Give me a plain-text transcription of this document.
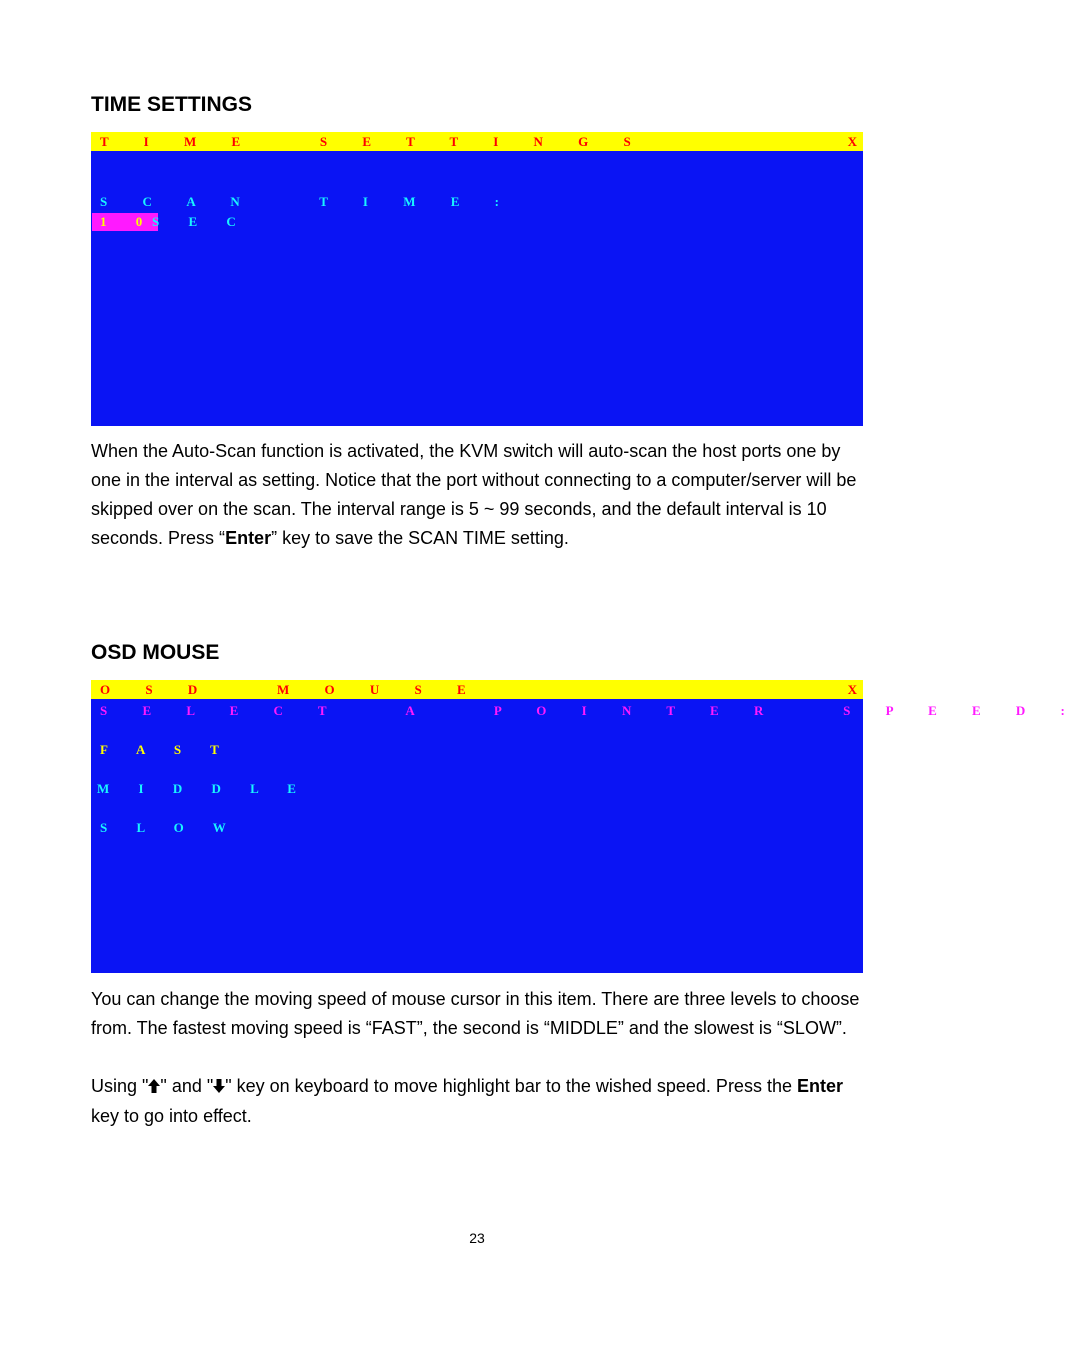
TIME SETTINGS
T I M E   S E T T I N G S	X
S C A N   T I M E :
1 0
S E C

When the Auto-Scan function is activated, the KVM switch will auto-scan the host ports one by one in the interval as setting. Notice that the port without connecting to a computer/server will be skipped over on the scan. The interval range is 5 ~ 99 seconds, and the default interval is 10 seconds. Press “Enter” key to save the SCAN TIME setting.

OSD MOUSE
O S D   M O U S E	X
S E L E C T   A   P O I N T E R   S P E E D :
F A S T
M I D D L E
S L O W

You can change the moving speed of mouse cursor in this item. There are three levels to choose from. The fastest moving speed is “FAST”, the second is “MIDDLE” and the slowest is “SLOW”.

Using " " and " " key on keyboard to move highlight bar to the wished speed. Press the Enter key to go into effect.

23
